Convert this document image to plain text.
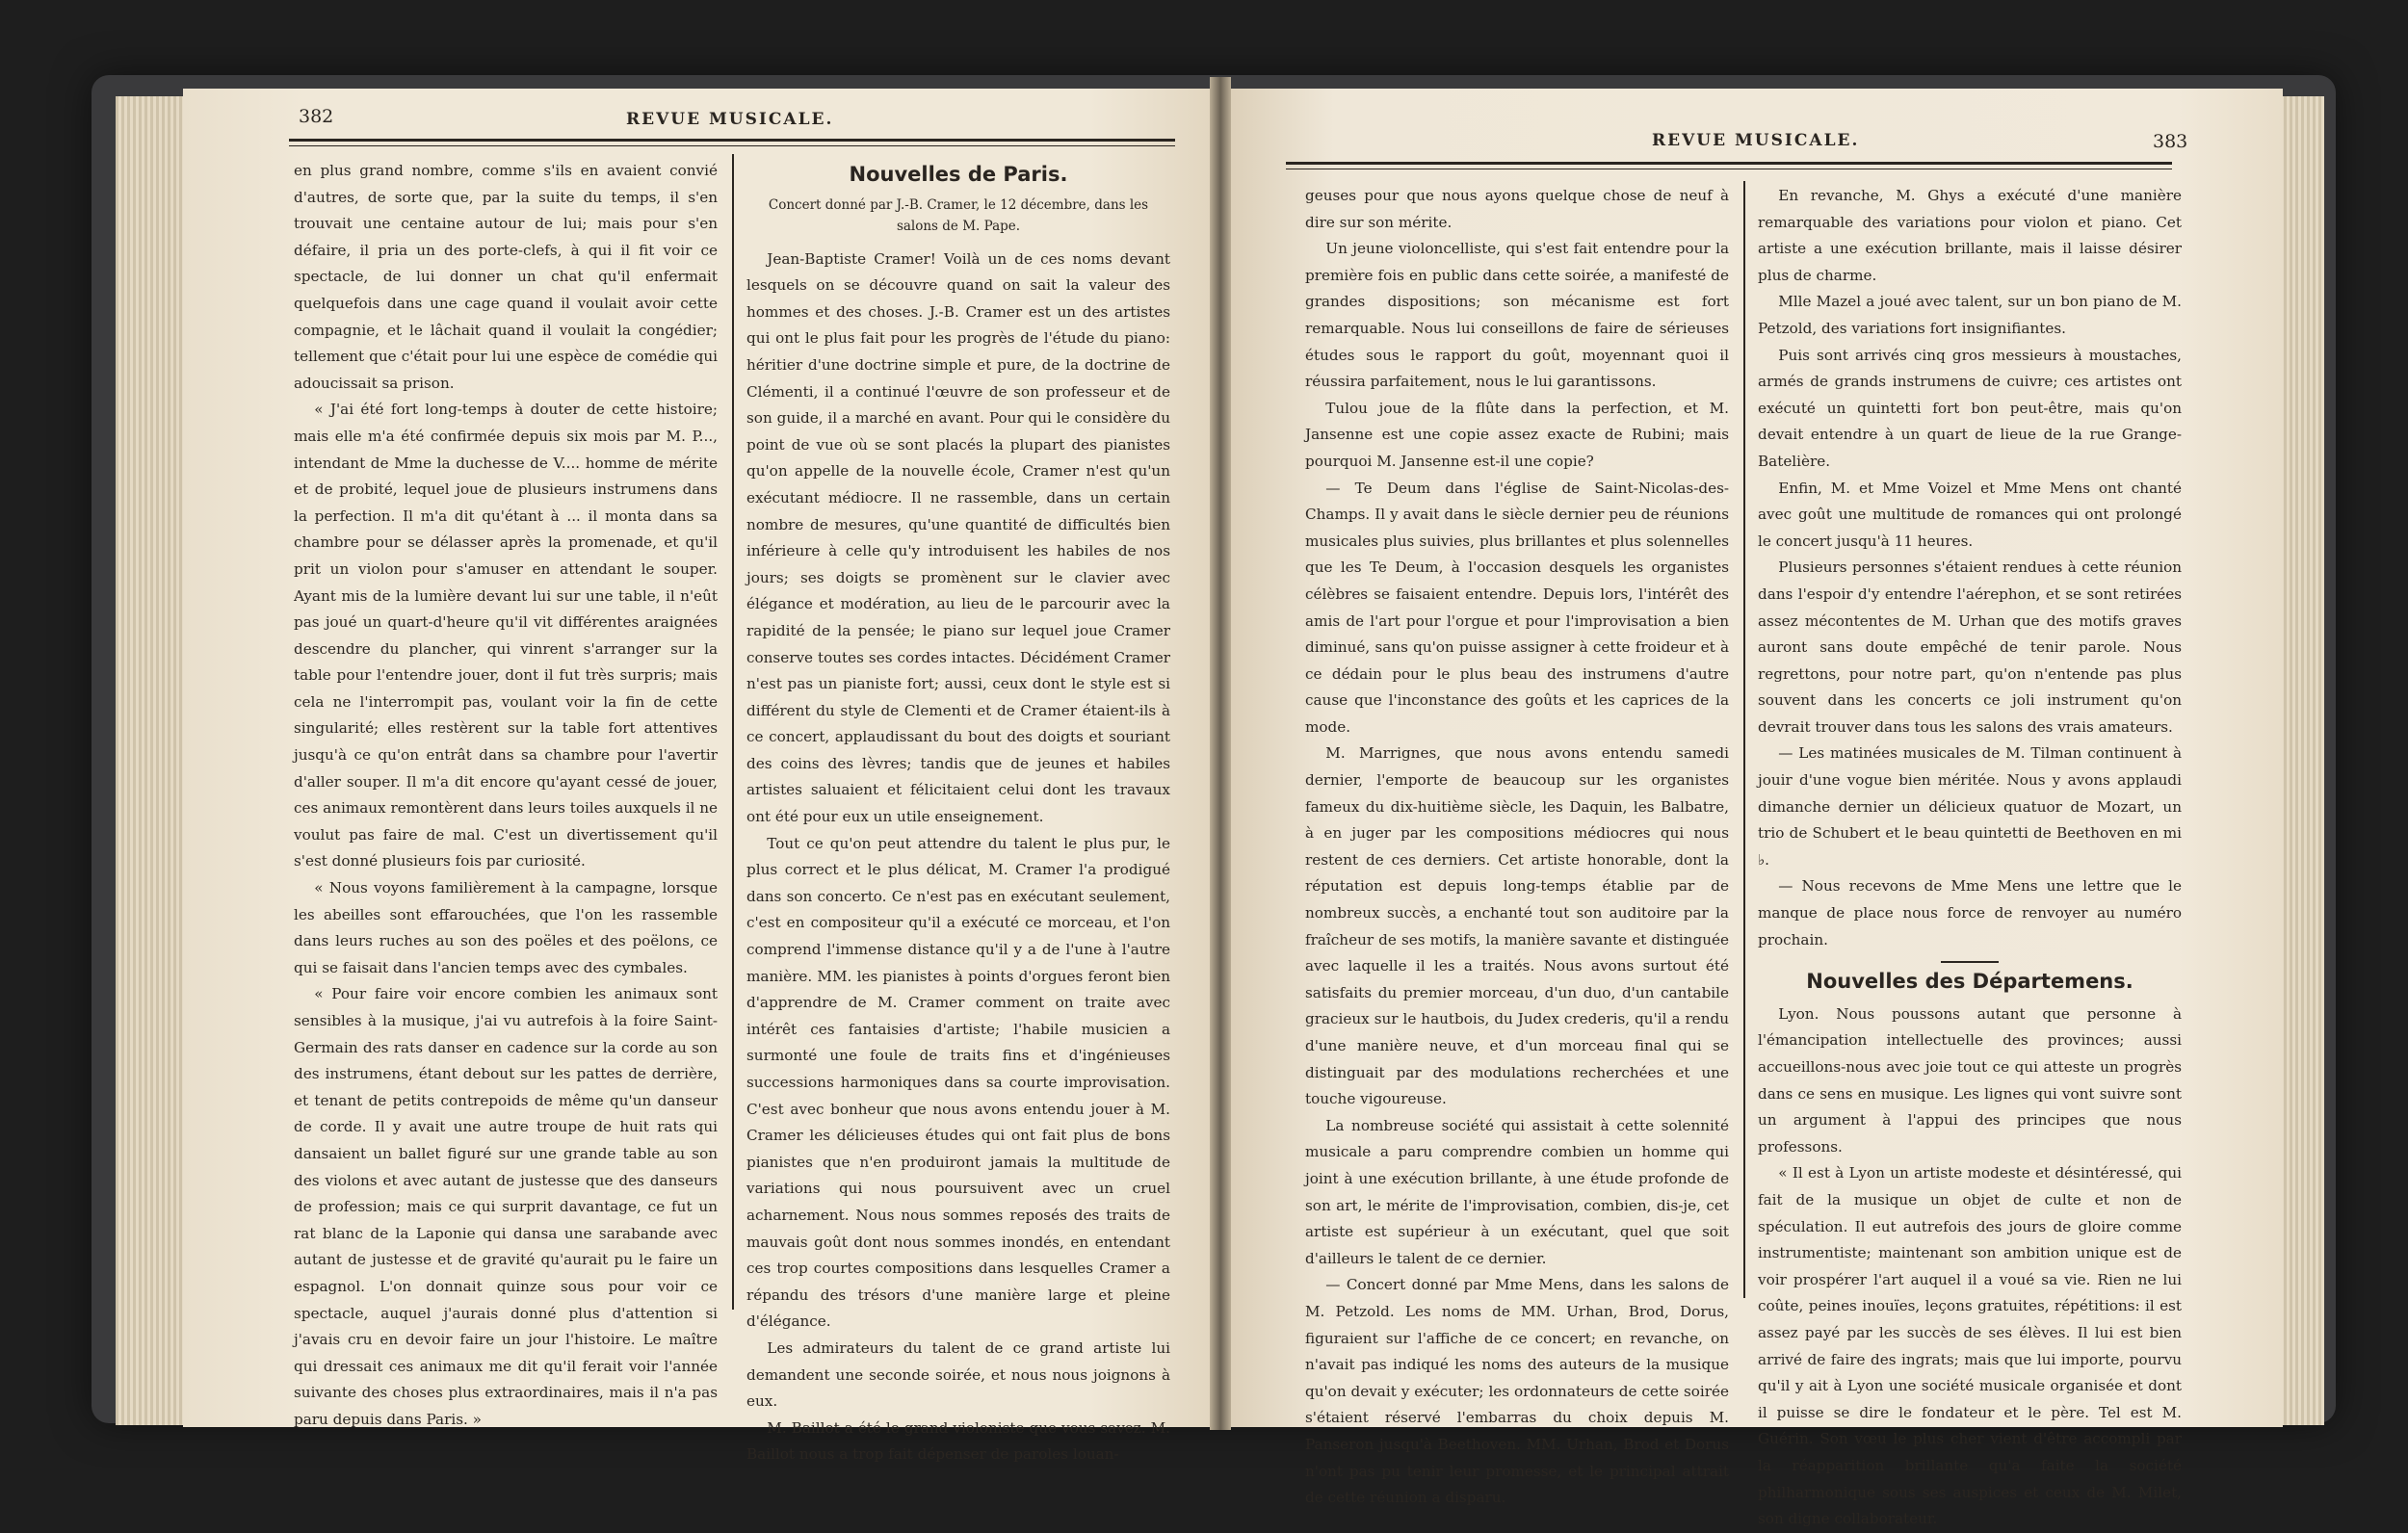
382	REVUE MUSICALE.

en plus grand nombre, comme s'ils en avaient convié d'autres, de sorte que, par la suite du temps, il s'en trouvait une centaine autour de lui; mais pour s'en défaire, il pria un des porte-clefs, à qui il fit voir ce spectacle, de lui donner un chat qu'il enfermait quelquefois dans une cage quand il voulait avoir cette compagnie, et le lâchait quand il voulait la congédier; tellement que c'était pour lui une espèce de comédie qui adoucissait sa prison.

« J'ai été fort long-temps à douter de cette histoire; mais elle m'a été confirmée depuis six mois par M. P..., intendant de Mme la duchesse de V.... homme de mérite et de probité, lequel joue de plusieurs instrumens dans la perfection. Il m'a dit qu'étant à ... il monta dans sa chambre pour se délasser après la promenade, et qu'il prit un violon pour s'amuser en attendant le souper. Ayant mis de la lumière devant lui sur une table, il n'eût pas joué un quart-d'heure qu'il vit différentes araignées descendre du plancher, qui vinrent s'arranger sur la table pour l'entendre jouer, dont il fut très surpris; mais cela ne l'interrompit pas, voulant voir la fin de cette singularité; elles restèrent sur la table fort attentives jusqu'à ce qu'on entrât dans sa chambre pour l'avertir d'aller souper. Il m'a dit encore qu'ayant cessé de jouer, ces animaux remontèrent dans leurs toiles auxquels il ne voulut pas faire de mal. C'est un divertissement qu'il s'est donné plusieurs fois par curiosité.

« Nous voyons familièrement à la campagne, lorsque les abeilles sont effarouchées, que l'on les rassemble dans leurs ruches au son des poëles et des poëlons, ce qui se faisait dans l'ancien temps avec des cymbales.

« Pour faire voir encore combien les animaux sont sensibles à la musique, j'ai vu autrefois à la foire Saint-Germain des rats danser en cadence sur la corde au son des instrumens, étant debout sur les pattes de derrière, et tenant de petits contrepoids de même qu'un danseur de corde. Il y avait une autre troupe de huit rats qui dansaient un ballet figuré sur une grande table au son des violons et avec autant de justesse que des danseurs de profession; mais ce qui surprit davantage, ce fut un rat blanc de la Laponie qui dansa une sarabande avec autant de justesse et de gravité qu'aurait pu le faire un espagnol. L'on donnait quinze sous pour voir ce spectacle, auquel j'aurais donné plus d'attention si j'avais cru en devoir faire un jour l'histoire. Le maître qui dressait ces animaux me dit qu'il ferait voir l'année suivante des choses plus extraordinaires, mais il n'a pas paru depuis dans Paris. »

Nouvelles de Paris.
Concert donné par J.-B. Cramer, le 12 décembre, dans les salons de M. Pape.

Jean-Baptiste Cramer! Voilà un de ces noms devant lesquels on se découvre quand on sait la valeur des hommes et des choses. J.-B. Cramer est un des artistes qui ont le plus fait pour les progrès de l'étude du piano: héritier d'une doctrine simple et pure, de la doctrine de Clémenti, il a continué l'œuvre de son professeur et de son guide, il a marché en avant. Pour qui le considère du point de vue où se sont placés la plupart des pianistes qu'on appelle de la nouvelle école, Cramer n'est qu'un exécutant médiocre. Il ne rassemble, dans un certain nombre de mesures, qu'une quantité de difficultés bien inférieure à celle qu'y introduisent les habiles de nos jours; ses doigts se promènent sur le clavier avec élégance et modération, au lieu de le parcourir avec la rapidité de la pensée; le piano sur lequel joue Cramer conserve toutes ses cordes intactes. Décidément Cramer n'est pas un pianiste fort; aussi, ceux dont le style est si différent du style de Clementi et de Cramer étaient-ils à ce concert, applaudissant du bout des doigts et souriant des coins des lèvres; tandis que de jeunes et habiles artistes saluaient et félicitaient celui dont les travaux ont été pour eux un utile enseignement.

Tout ce qu'on peut attendre du talent le plus pur, le plus correct et le plus délicat, M. Cramer l'a prodigué dans son concerto. Ce n'est pas en exécutant seulement, c'est en compositeur qu'il a exécuté ce morceau, et l'on comprend l'immense distance qu'il y a de l'une à l'autre manière. MM. les pianistes à points d'orgues feront bien d'apprendre de M. Cramer comment on traite avec intérêt ces fantaisies d'artiste; l'habile musicien a surmonté une foule de traits fins et d'ingénieuses successions harmoniques dans sa courte improvisation. C'est avec bonheur que nous avons entendu jouer à M. Cramer les délicieuses études qui ont fait plus de bons pianistes que n'en produiront jamais la multitude de variations qui nous poursuivent avec un cruel acharnement. Nous nous sommes reposés des traits de mauvais goût dont nous sommes inondés, en entendant ces trop courtes compositions dans lesquelles Cramer a répandu des trésors d'une manière large et pleine d'élégance.

Les admirateurs du talent de ce grand artiste lui demandent une seconde soirée, et nous nous joignons à eux.

M. Baillot a été le grand violoniste que vous savez. M. Baillot nous a trop fait dépenser de paroles louan-

REVUE MUSICALE.	383

geuses pour que nous ayons quelque chose de neuf à dire sur son mérite.

Un jeune violoncelliste, qui s'est fait entendre pour la première fois en public dans cette soirée, a manifesté de grandes dispositions; son mécanisme est fort remarquable. Nous lui conseillons de faire de sérieuses études sous le rapport du goût, moyennant quoi il réussira parfaitement, nous le lui garantissons.

Tulou joue de la flûte dans la perfection, et M. Jansenne est une copie assez exacte de Rubini; mais pourquoi M. Jansenne est-il une copie?

— Te Deum dans l'église de Saint-Nicolas-des-Champs. Il y avait dans le siècle dernier peu de réunions musicales plus suivies, plus brillantes et plus solennelles que les Te Deum, à l'occasion desquels les organistes célèbres se faisaient entendre. Depuis lors, l'intérêt des amis de l'art pour l'orgue et pour l'improvisation a bien diminué, sans qu'on puisse assigner à cette froideur et à ce dédain pour le plus beau des instrumens d'autre cause que l'inconstance des goûts et les caprices de la mode.

M. Marrignes, que nous avons entendu samedi dernier, l'emporte de beaucoup sur les organistes fameux du dix-huitième siècle, les Daquin, les Balbatre, à en juger par les compositions médiocres qui nous restent de ces derniers. Cet artiste honorable, dont la réputation est depuis long-temps établie par de nombreux succès, a enchanté tout son auditoire par la fraîcheur de ses motifs, la manière savante et distinguée avec laquelle il les a traités. Nous avons surtout été satisfaits du premier morceau, d'un duo, d'un cantabile gracieux sur le hautbois, du Judex crederis, qu'il a rendu d'une manière neuve, et d'un morceau final qui se distinguait par des modulations recherchées et une touche vigoureuse.

La nombreuse société qui assistait à cette solennité musicale a paru comprendre combien un homme qui joint à une exécution brillante, à une étude profonde de son art, le mérite de l'improvisation, combien, dis-je, cet artiste est supérieur à un exécutant, quel que soit d'ailleurs le talent de ce dernier.

— Concert donné par Mme Mens, dans les salons de M. Petzold. Les noms de MM. Urhan, Brod, Dorus, figuraient sur l'affiche de ce concert; en revanche, on n'avait pas indiqué les noms des auteurs de la musique qu'on devait y exécuter; les ordonnateurs de cette soirée s'étaient réservé l'embarras du choix depuis M. Panseron jusqu'à Beethoven. MM. Urhan, Brod et Dorus n'ont pas pu tenir leur promesse, et le principal attrait de cette réunion a disparu.

En revanche, M. Ghys a exécuté d'une manière remarquable des variations pour violon et piano. Cet artiste a une exécution brillante, mais il laisse désirer plus de charme.

Mlle Mazel a joué avec talent, sur un bon piano de M. Petzold, des variations fort insignifiantes.

Puis sont arrivés cinq gros messieurs à moustaches, armés de grands instrumens de cuivre; ces artistes ont exécuté un quintetti fort bon peut-être, mais qu'on devait entendre à un quart de lieue de la rue Grange-Batelière.

Enfin, M. et Mme Voizel et Mme Mens ont chanté avec goût une multitude de romances qui ont prolongé le concert jusqu'à 11 heures.

Plusieurs personnes s'étaient rendues à cette réunion dans l'espoir d'y entendre l'aérephon, et se sont retirées assez mécontentes de M. Urhan que des motifs graves auront sans doute empêché de tenir parole. Nous regrettons, pour notre part, qu'on n'entende pas plus souvent dans les concerts ce joli instrument qu'on devrait trouver dans tous les salons des vrais amateurs.

— Les matinées musicales de M. Tilman continuent à jouir d'une vogue bien méritée. Nous y avons applaudi dimanche dernier un délicieux quatuor de Mozart, un trio de Schubert et le beau quintetti de Beethoven en mi ♭.

— Nous recevons de Mme Mens une lettre que le manque de place nous force de renvoyer au numéro prochain.

Nouvelles des Départemens.

Lyon. Nous poussons autant que personne à l'émancipation intellectuelle des provinces; aussi accueillons-nous avec joie tout ce qui atteste un progrès dans ce sens en musique. Les lignes qui vont suivre sont un argument à l'appui des principes que nous professons.

« Il est à Lyon un artiste modeste et désintéressé, qui fait de la musique un objet de culte et non de spéculation. Il eut autrefois des jours de gloire comme instrumentiste; maintenant son ambition unique est de voir prospérer l'art auquel il a voué sa vie. Rien ne lui coûte, peines inouïes, leçons gratuites, répétitions: il est assez payé par les succès de ses élèves. Il lui est bien arrivé de faire des ingrats; mais que lui importe, pourvu qu'il y ait à Lyon une société musicale organisée et dont il puisse se dire le fondateur et le père. Tel est M. Guérin. Son vœu le plus cher vient d'être accompli par la réapparition brillante qu'a faite la société philharmonique sous ses auspices et ceux de M. Milet, son digne collaborateur.
